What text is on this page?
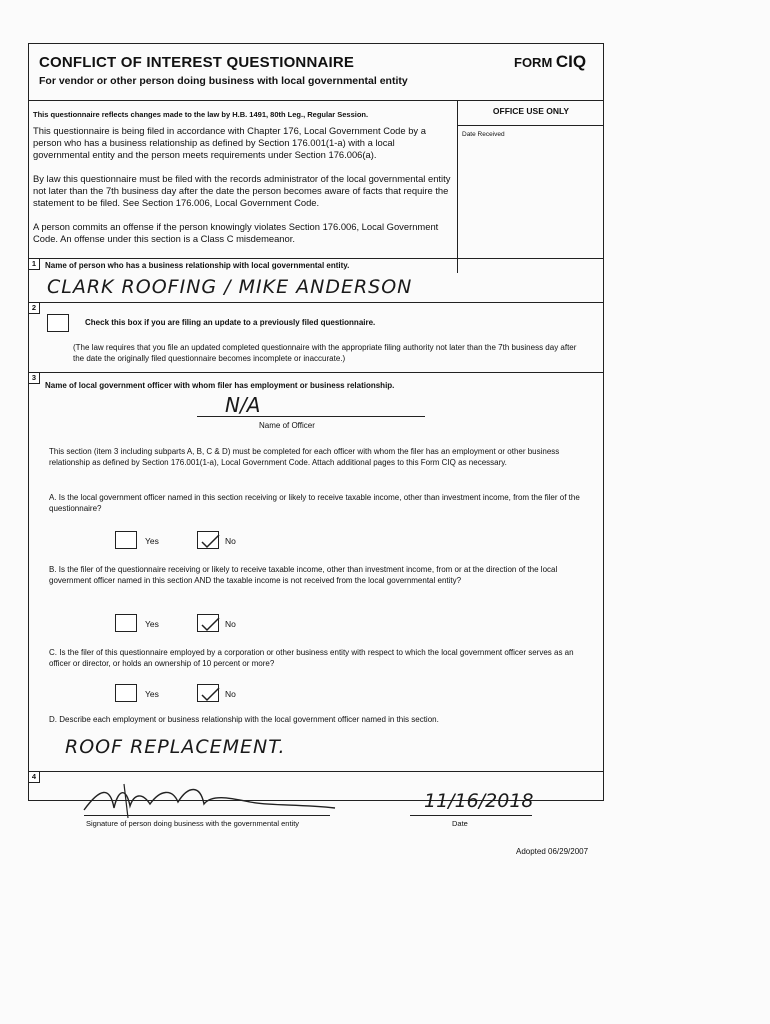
CONFLICT OF INTEREST QUESTIONNAIRE
For vendor or other person doing business with local governmental entity
FORM CIQ
This questionnaire reflects changes made to the law by H.B. 1491, 80th Leg., Regular Session.
This questionnaire is being filed in accordance with Chapter 176, Local Government Code by a person who has a business relationship as defined by Section 176.001(1-a) with a local governmental entity and the person meets requirements under Section 176.006(a).
By law this questionnaire must be filed with the records administrator of the local governmental entity not later than the 7th business day after the date the person becomes aware of facts that require the statement to be filed. See Section 176.006, Local Government Code.
A person commits an offense if the person knowingly violates Section 176.006, Local Government Code. An offense under this section is a Class C misdemeanor.
OFFICE USE ONLY
Date Received
1	Name of person who has a business relationship with local governmental entity.
CLARK ROOFING / MIKE ANDERSON
2
Check this box if you are filing an update to a previously filed questionnaire.
(The law requires that you file an updated completed questionnaire with the appropriate filing authority not later than the 7th business day after the date the originally filed questionnaire becomes incomplete or inaccurate.)
3
Name of local government officer with whom filer has employment or business relationship.
N/A
Name of Officer
This section (item 3 including subparts A, B, C & D) must be completed for each officer with whom the filer has an employment or other business relationship as defined by Section 176.001(1-a), Local Government Code. Attach additional pages to this Form CIQ as necessary.
A. Is the local government officer named in this section receiving or likely to receive taxable income, other than investment income, from the filer of the questionnaire?
Yes	No
B. Is the filer of the questionnaire receiving or likely to receive taxable income, other than investment income, from or at the direction of the local government officer named in this section AND the taxable income is not received from the local governmental entity?
Yes	No
C. Is the filer of this questionnaire employed by a corporation or other business entity with respect to which the local government officer serves as an officer or director, or holds an ownership of 10 percent or more?
Yes	No
D. Describe each employment or business relationship with the local government officer named in this section.
ROOF REPLACEMENT.
4
Signature of person doing business with the governmental entity
11/16/2018
Date
Adopted 06/29/2007
